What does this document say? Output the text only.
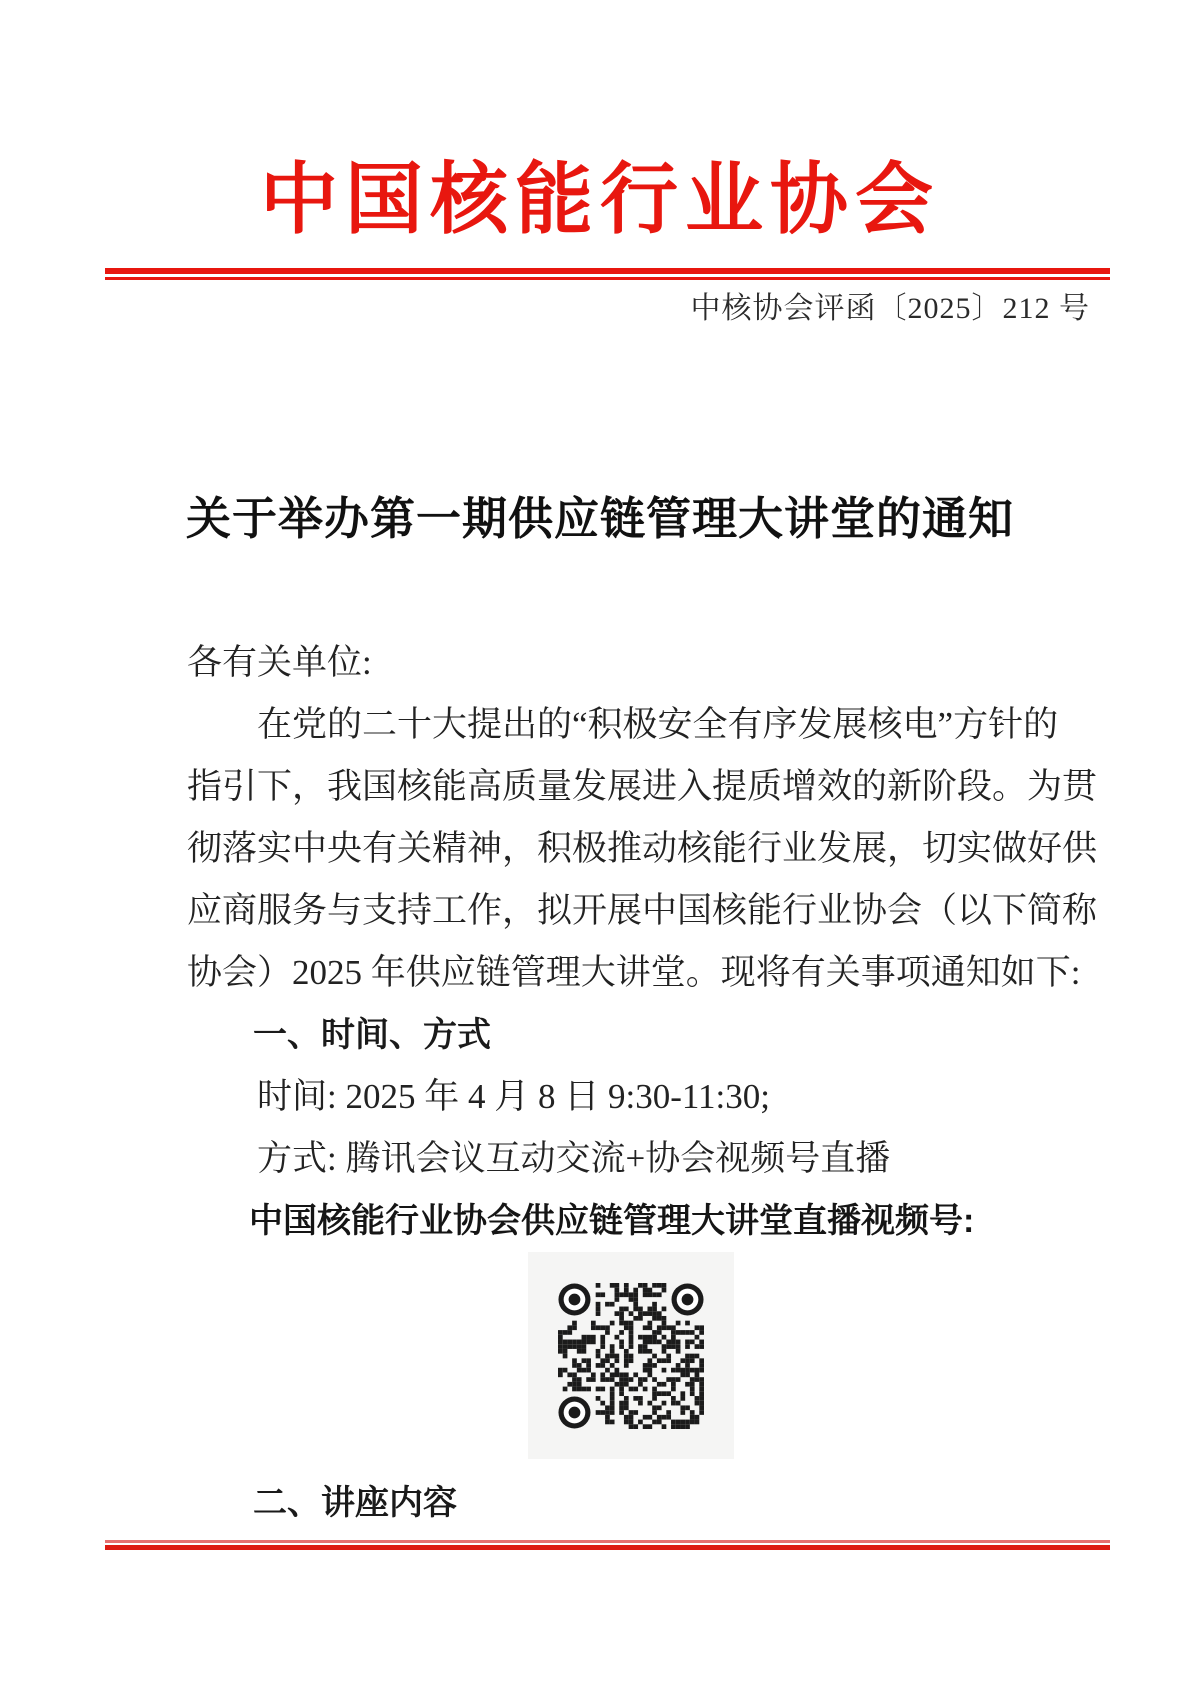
中国核能行业协会
中核协会评函〔2025〕212 号
关于举办第一期供应链管理大讲堂的通知
各有关单位:
在党的二十大提出的“积极安全有序发展核电”方针的
指引下，我国核能高质量发展进入提质增效的新阶段。为贯
彻落实中央有关精神，积极推动核能行业发展，切实做好供
应商服务与支持工作，拟开展中国核能行业协会（以下简称
协会）2025 年供应链管理大讲堂。现将有关事项通知如下:
一、时间、方式
时间: 2025 年 4 月 8 日 9:30-11:30;
方式: 腾讯会议互动交流+协会视频号直播
中国核能行业协会供应链管理大讲堂直播视频号:
二、讲座内容
